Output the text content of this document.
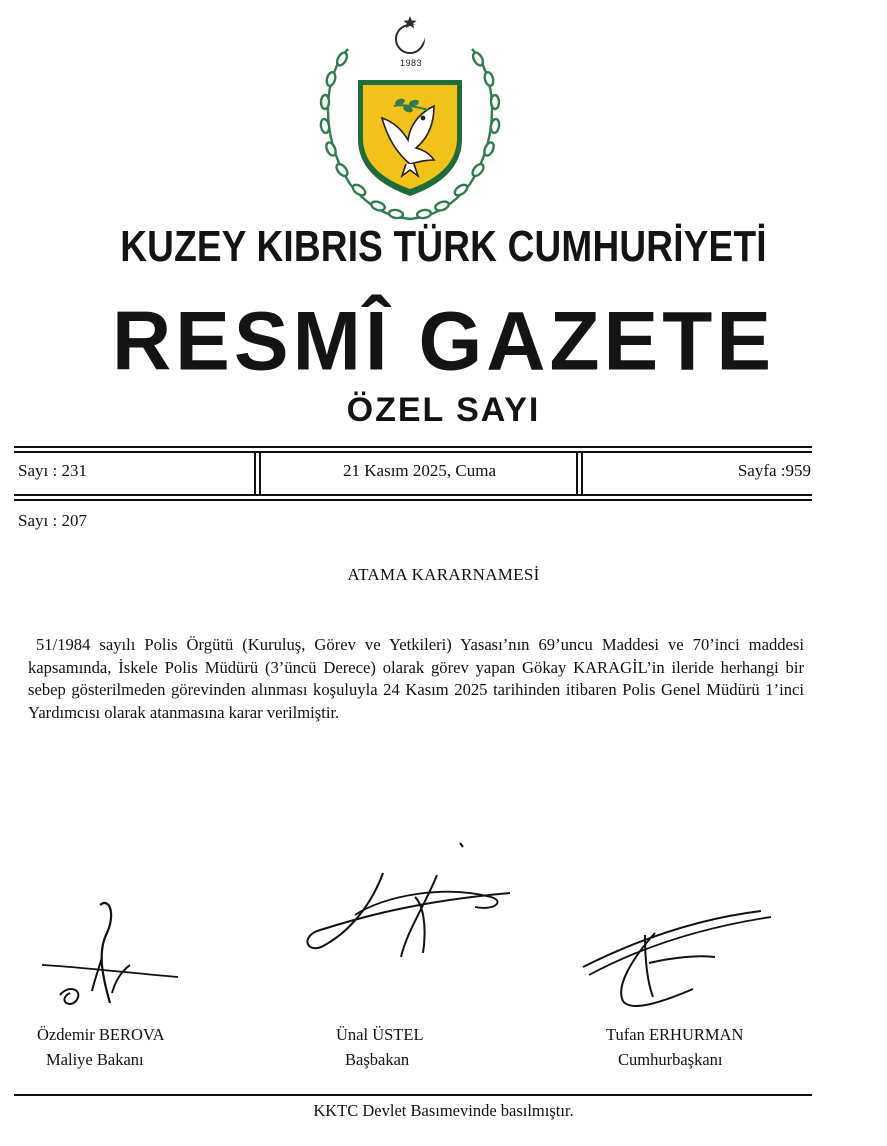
1983
KUZEY KIBRIS TÜRK CUMHURİYETİ
RESMÎ GAZETE
ÖZEL SAYI
Sayı : 231	21 Kasım 2025, Cuma	Sayfa :959
Sayı : 207
ATAMA KARARNAMESİ
51/1984 sayılı Polis Örgütü (Kuruluş, Görev ve Yetkileri) Yasası’nın 69’uncu Maddesi ve 70’inci maddesi kapsamında, İskele Polis Müdürü (3’üncü Derece) olarak görev yapan Gökay KARAGİL’in ileride herhangi bir sebep gösterilmeden görevinden alınması koşuluyla 24 Kasım 2025 tarihinden itibaren Polis Genel Müdürü 1’inci Yardımcısı olarak atanmasına karar verilmiştir.
Özdemir BEROVA
Maliye Bakanı
Ünal ÜSTEL
Başbakan
Tufan ERHURMAN
Cumhurbaşkanı
KKTC Devlet Basımevinde basılmıştır.
